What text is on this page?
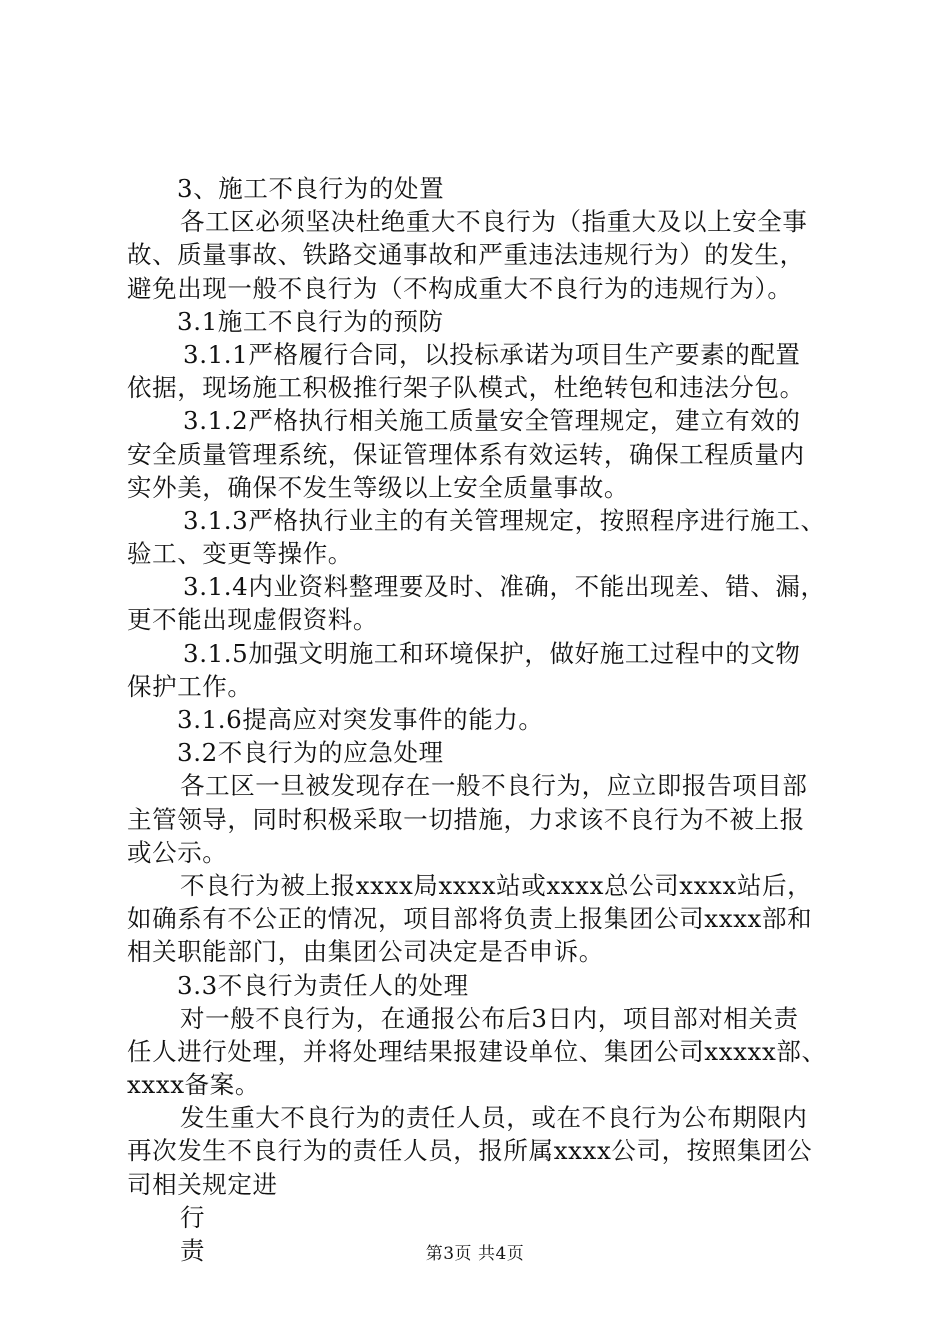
3、施工不良行为的处置
各工区必须坚决杜绝重大不良行为（指重大及以上安全事
故、质量事故、铁路交通事故和严重违法违规行为）的发生，
避免出现一般不良行为（不构成重大不良行为的违规行为）。
3.1施工不良行为的预防
3.1.1严格履行合同，以投标承诺为项目生产要素的配置
依据，现场施工积极推行架子队模式，杜绝转包和违法分包。
3.1.2严格执行相关施工质量安全管理规定，建立有效的
安全质量管理系统，保证管理体系有效运转，确保工程质量内
实外美，确保不发生等级以上安全质量事故。
3.1.3严格执行业主的有关管理规定，按照程序进行施工、
验工、变更等操作。
3.1.4内业资料整理要及时、准确，不能出现差、错、漏，
更不能出现虚假资料。
3.1.5加强文明施工和环境保护，做好施工过程中的文物
保护工作。
3.1.6提高应对突发事件的能力。
3.2不良行为的应急处理
各工区一旦被发现存在一般不良行为，应立即报告项目部
主管领导，同时积极采取一切措施，力求该不良行为不被上报
或公示。
不良行为被上报xxxx局xxxx站或xxxx总公司xxxx站后，
如确系有不公正的情况，项目部将负责上报集团公司xxxx部和
相关职能部门，由集团公司决定是否申诉。
3.3不良行为责任人的处理
对一般不良行为，在通报公布后3日内，项目部对相关责
任人进行处理，并将处理结果报建设单位、集团公司xxxxx部、
xxxx备案。
发生重大不良行为的责任人员，或在不良行为公布期限内
再次发生不良行为的责任人员，报所属xxxx公司，按照集团公
司相关规定进
行
责	第3页 共4页
